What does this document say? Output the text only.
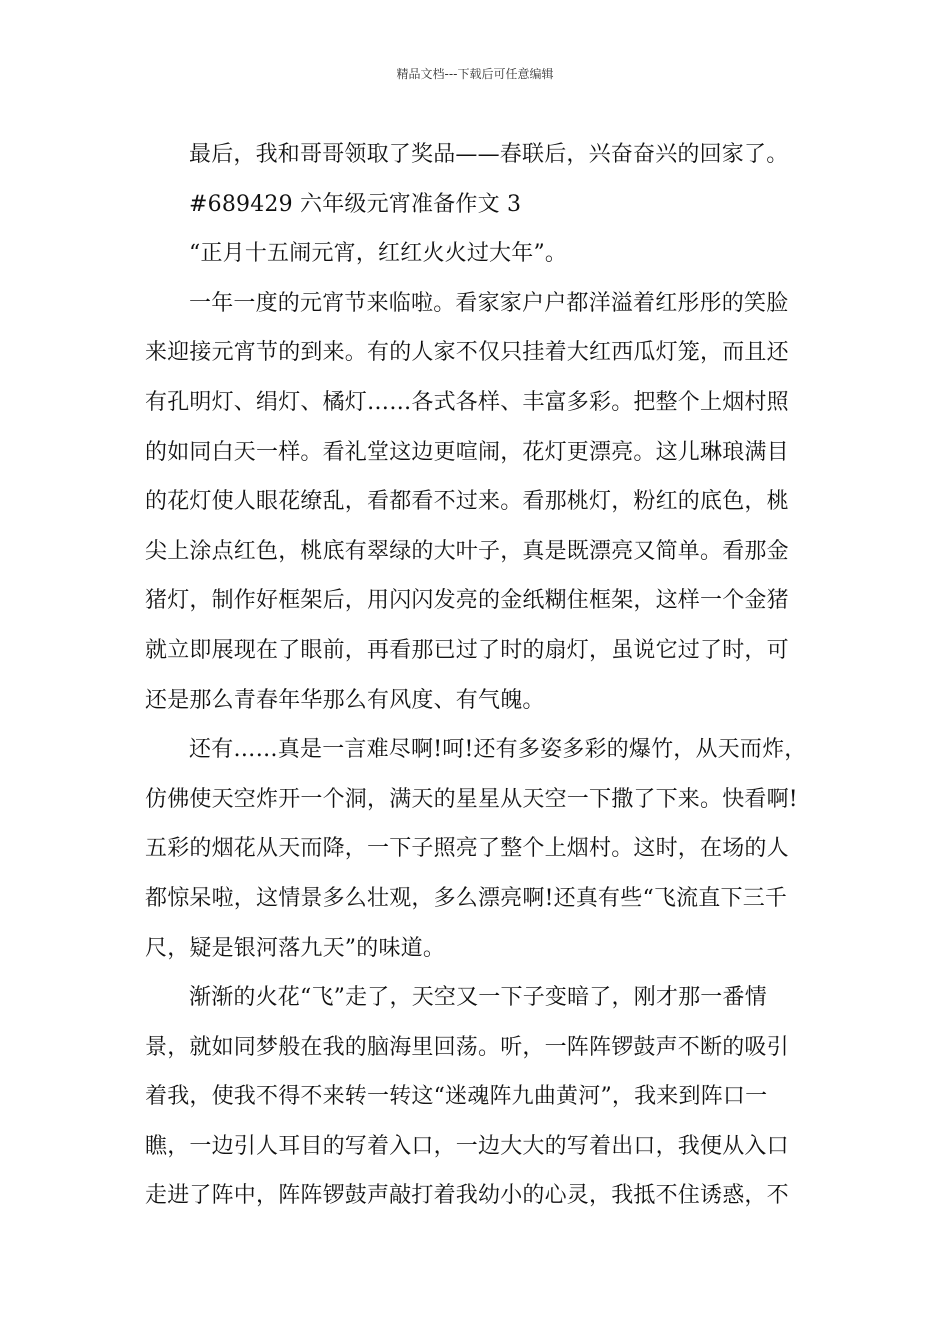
精品文档---下载后可任意编辑
最后，我和哥哥领取了奖品——春联后，兴奋奋兴的回家了。
#689429 六年级元宵准备作文 3
“正月十五闹元宵，红红火火过大年”。
一年一度的元宵节来临啦。看家家户户都洋溢着红彤彤的笑脸
来迎接元宵节的到来。有的人家不仅只挂着大红西瓜灯笼，而且还
有孔明灯、绢灯、橘灯……各式各样、丰富多彩。把整个上烟村照
的如同白天一样。看礼堂这边更喧闹，花灯更漂亮。这儿琳琅满目
的花灯使人眼花缭乱，看都看不过来。看那桃灯，粉红的底色，桃
尖上涂点红色，桃底有翠绿的大叶子，真是既漂亮又简单。看那金
猪灯，制作好框架后，用闪闪发亮的金纸糊住框架，这样一个金猪
就立即展现在了眼前，再看那已过了时的扇灯，虽说它过了时，可
还是那么青春年华那么有风度、有气魄。
还有……真是一言难尽啊!呵!还有多姿多彩的爆竹，从天而炸，
仿佛使天空炸开一个洞，满天的星星从天空一下撒了下来。快看啊!
五彩的烟花从天而降，一下子照亮了整个上烟村。这时，在场的人
都惊呆啦，这情景多么壮观，多么漂亮啊!还真有些“飞流直下三千
尺，疑是银河落九天”的味道。
渐渐的火花“飞”走了，天空又一下子变暗了，刚才那一番情
景，就如同梦般在我的脑海里回荡。听，一阵阵锣鼓声不断的吸引
着我，使我不得不来转一转这“迷魂阵九曲黄河”，我来到阵口一
瞧，一边引人耳目的写着入口，一边大大的写着出口，我便从入口
走进了阵中，阵阵锣鼓声敲打着我幼小的心灵，我抵不住诱惑，不
